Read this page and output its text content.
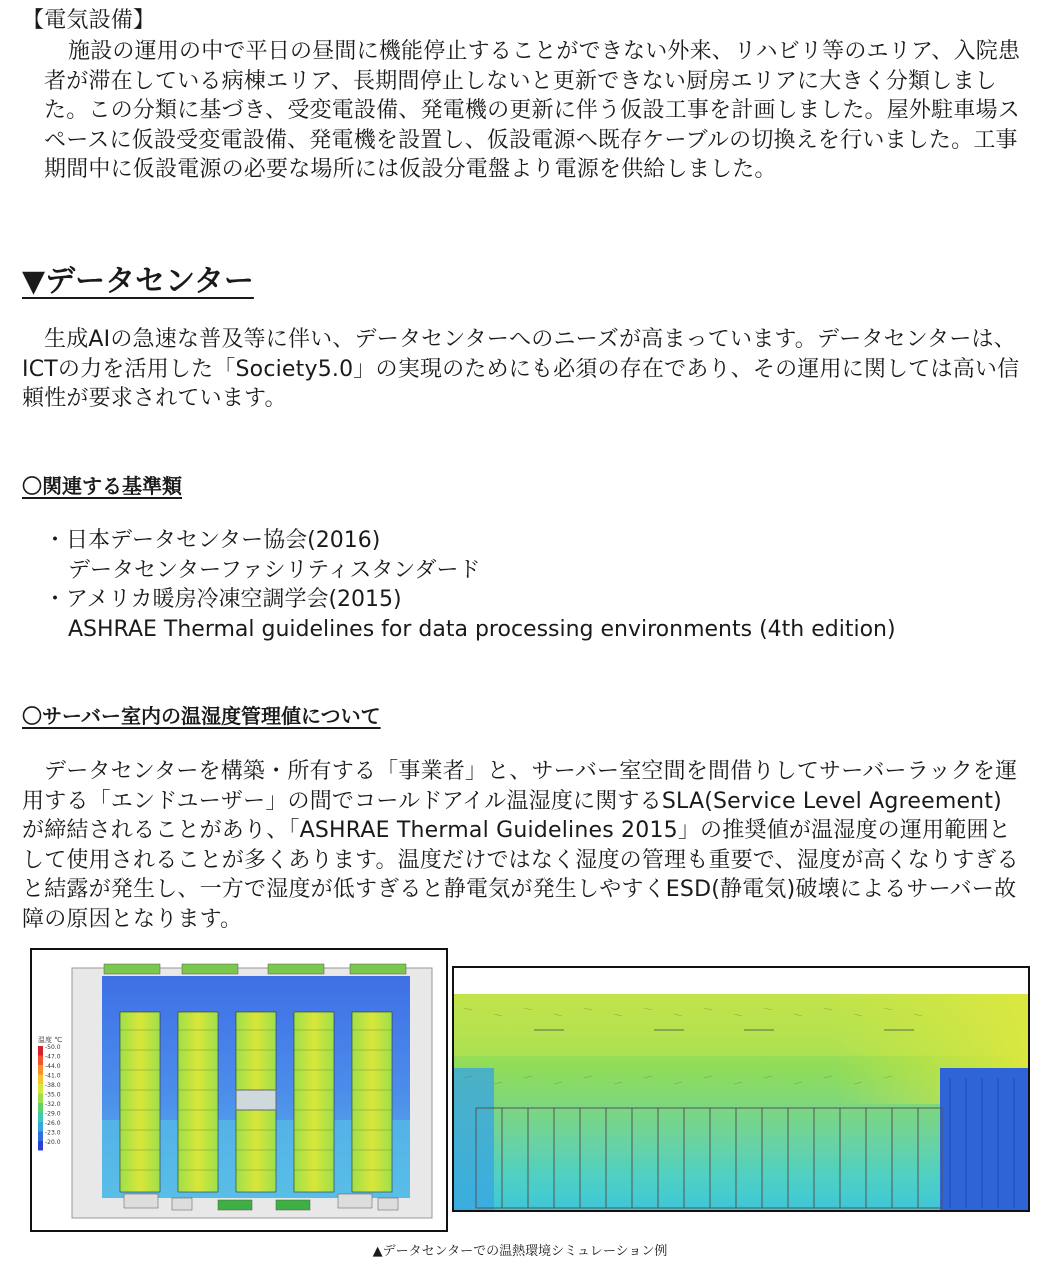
【電気設備】
施設の運用の中で平日の昼間に機能停止することができない外来、リハビリ等のエリア、入院患者が滞在している病棟エリア、長期間停止しないと更新できない厨房エリアに大きく分類しました。この分類に基づき、受変電設備、発電機の更新に伴う仮設工事を計画しました。屋外駐車場スペースに仮設受変電設備、発電機を設置し、仮設電源へ既存ケーブルの切換えを行いました。工事期間中に仮設電源の必要な場所には仮設分電盤より電源を供給しました。
▼データセンター
生成AIの急速な普及等に伴い、データセンターへのニーズが高まっています。データセンターは、ICTの力を活用した「Society5.0」の実現のためにも必須の存在であり、その運用に関しては高い信頼性が要求されています。
〇関連する基準類
・日本データセンター協会(2016)
データセンターファシリティスタンダード
・アメリカ暖房冷凍空調学会(2015)
ASHRAE Thermal guidelines for data processing environments (4th edition)
〇サーバー室内の温湿度管理値について
データセンターを構築・所有する「事業者」と、サーバー室空間を間借りしてサーバーラックを運用する「エンドユーザー」の間でコールドアイル温湿度に関するSLA(Service Level Agreement)が締結されることがあり、「ASHRAE Thermal Guidelines 2015」の推奨値が温湿度の運用範囲として使用されることが多くあります。温度だけではなく湿度の管理も重要で、湿度が高くなりすぎると結露が発生し、一方で湿度が低すぎると静電気が発生しやすくESD(静電気)破壊によるサーバー故障の原因となります。
温度 ℃
-50.0
-47.0
-44.0
-41.0
-38.0
-35.0
-32.0
-29.0
-26.0
-23.0
-20.0
▲データセンターでの温熱環境シミュレーション例
